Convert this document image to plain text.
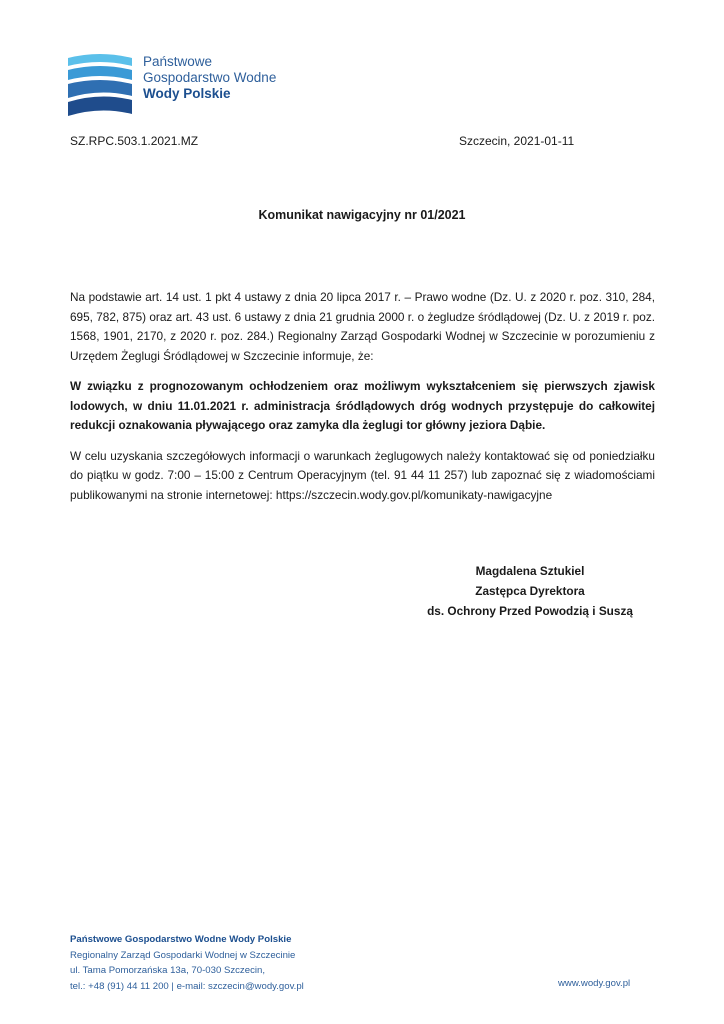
Państwowe
Gospodarstwo Wodne
Wody Polskie
SZ.RPC.503.1.2021.MZ	Szczecin, 2021-01-11
Komunikat nawigacyjny nr 01/2021

Na podstawie art. 14 ust. 1 pkt 4 ustawy z dnia 20 lipca 2017 r. – Prawo wodne (Dz. U. z 2020 r. poz. 310, 284, 695, 782, 875) oraz art. 43 ust. 6 ustawy z dnia 21 grudnia 2000 r. o żegludze śródlądowej (Dz. U. z 2019 r. poz. 1568, 1901, 2170, z 2020 r. poz. 284.) Regionalny Zarząd Gospodarki Wodnej w Szczecinie w porozumieniu z Urzędem Żeglugi Śródlądowej w Szczecinie informuje, że:

W związku z prognozowanym ochłodzeniem oraz możliwym wykształceniem się pierwszych zjawisk lodowych, w dniu 11.01.2021 r. administracja śródlądowych dróg wodnych przystępuje do całkowitej redukcji oznakowania pływającego oraz zamyka dla żeglugi tor główny jeziora Dąbie.

W celu uzyskania szczegółowych informacji o warunkach żeglugowych należy kontaktować się od poniedziałku do piątku w godz. 7:00 – 15:00 z Centrum Operacyjnym (tel. 91 44 11 257) lub zapoznać się z wiadomościami publikowanymi na stronie internetowej: https://szczecin.wody.gov.pl/komunikaty-nawigacyjne

Magdalena Sztukiel
Zastępca Dyrektora
ds. Ochrony Przed Powodzią i Suszą
Państwowe Gospodarstwo Wodne Wody Polskie
Regionalny Zarząd Gospodarki Wodnej w Szczecinie
ul. Tama Pomorzańska 13a, 70-030 Szczecin,
tel.: +48 (91) 44 11 200 | e-mail: szczecin@wody.gov.pl	www.wody.gov.pl
